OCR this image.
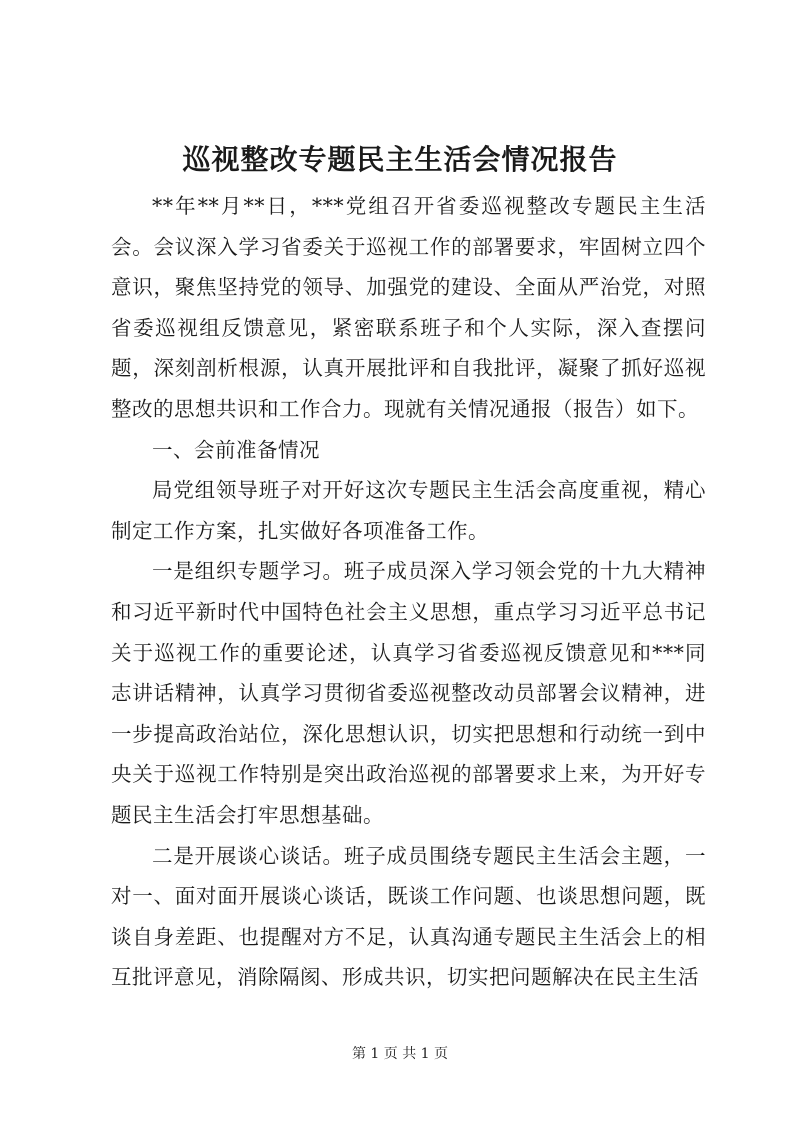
巡视整改专题民主生活会情况报告

**年**月**日，***党组召开省委巡视整改专题民主生活会。会议深入学习省委关于巡视工作的部署要求，牢固树立四个意识，聚焦坚持党的领导、加强党的建设、全面从严治党，对照省委巡视组反馈意见，紧密联系班子和个人实际，深入查摆问题，深刻剖析根源，认真开展批评和自我批评，凝聚了抓好巡视整改的思想共识和工作合力。现就有关情况通报（报告）如下。

一、会前准备情况

局党组领导班子对开好这次专题民主生活会高度重视，精心制定工作方案，扎实做好各项准备工作。

一是组织专题学习。班子成员深入学习领会党的十九大精神和习近平新时代中国特色社会主义思想，重点学习习近平总书记关于巡视工作的重要论述，认真学习省委巡视反馈意见和***同志讲话精神，认真学习贯彻省委巡视整改动员部署会议精神，进一步提高政治站位，深化思想认识，切实把思想和行动统一到中央关于巡视工作特别是突出政治巡视的部署要求上来，为开好专题民主生活会打牢思想基础。

二是开展谈心谈话。班子成员围绕专题民主生活会主题，一对一、面对面开展谈心谈话，既谈工作问题、也谈思想问题，既谈自身差距、也提醒对方不足，认真沟通专题民主生活会上的相互批评意见，消除隔阂、形成共识，切实把问题解决在民主生活

第 1 页 共 1 页
